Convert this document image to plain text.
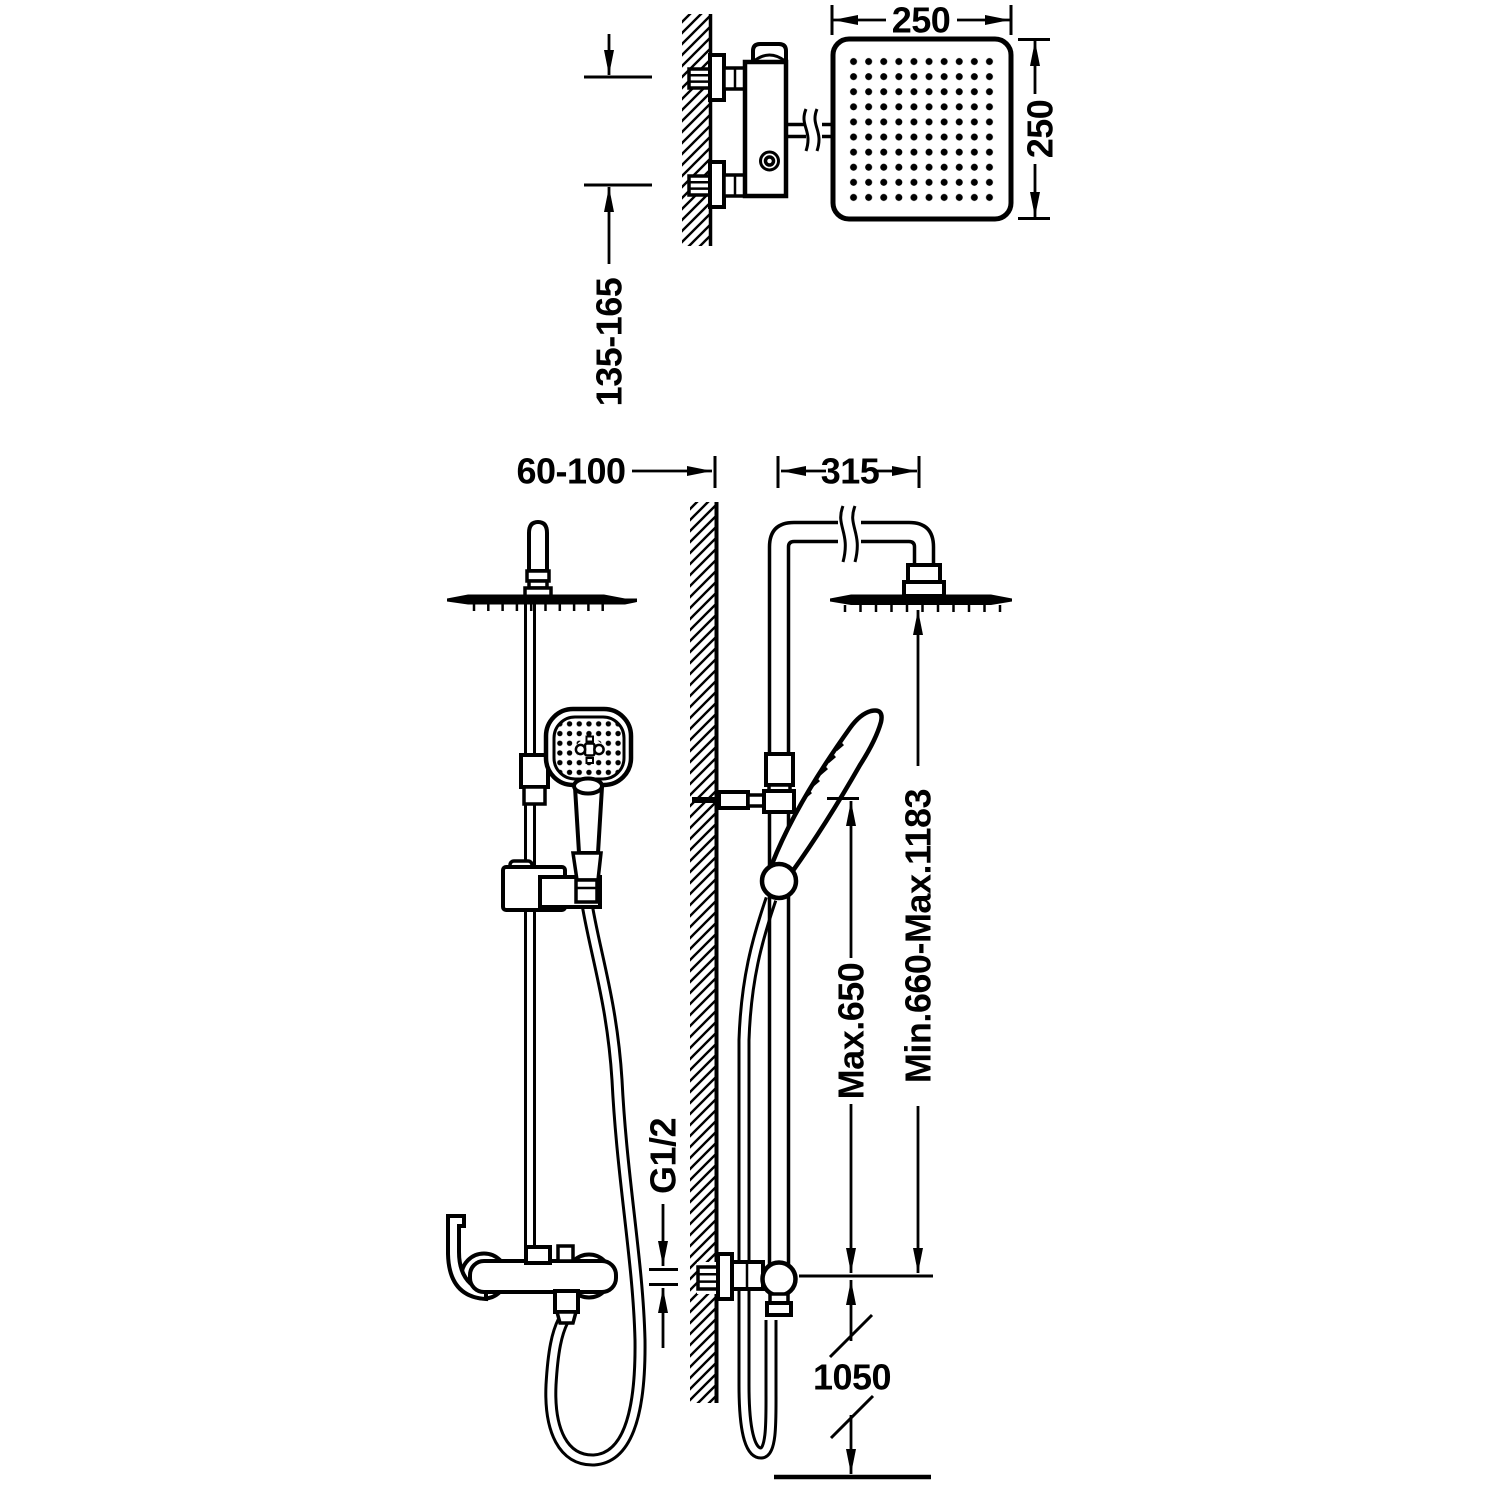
250
250
135-165
60-100	315
Max.650 Min.660-Max.1183
G1/2
1050
